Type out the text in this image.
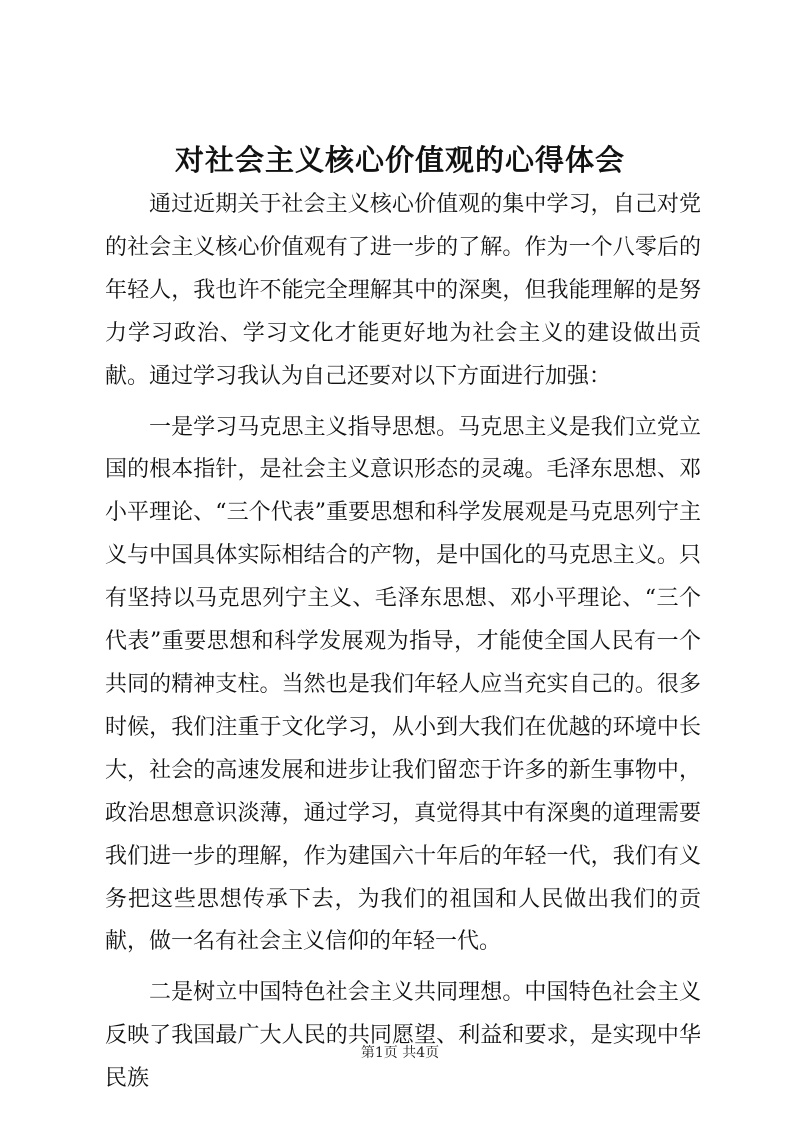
对社会主义核心价值观的心得体会

通过近期关于社会主义核心价值观的集中学习，自己对党的社会主义核心价值观有了进一步的了解。作为一个八零后的年轻人，我也许不能完全理解其中的深奥，但我能理解的是努力学习政治、学习文化才能更好地为社会主义的建设做出贡献。通过学习我认为自己还要对以下方面进行加强：

一是学习马克思主义指导思想。马克思主义是我们立党立国的根本指针，是社会主义意识形态的灵魂。毛泽东思想、邓小平理论、“三个代表”重要思想和科学发展观是马克思列宁主义与中国具体实际相结合的产物，是中国化的马克思主义。只有坚持以马克思列宁主义、毛泽东思想、邓小平理论、“三个代表”重要思想和科学发展观为指导，才能使全国人民有一个共同的精神支柱。当然也是我们年轻人应当充实自己的。很多时候，我们注重于文化学习，从小到大我们在优越的环境中长大，社会的高速发展和进步让我们留恋于许多的新生事物中，政治思想意识淡薄，通过学习，真觉得其中有深奥的道理需要我们进一步的理解，作为建国六十年后的年轻一代，我们有义务把这些思想传承下去，为我们的祖国和人民做出我们的贡献，做一名有社会主义信仰的年轻一代。

二是树立中国特色社会主义共同理想。中国特色社会主义反映了我国最广大人民的共同愿望、利益和要求，是实现中华民族

第1页 共4页
